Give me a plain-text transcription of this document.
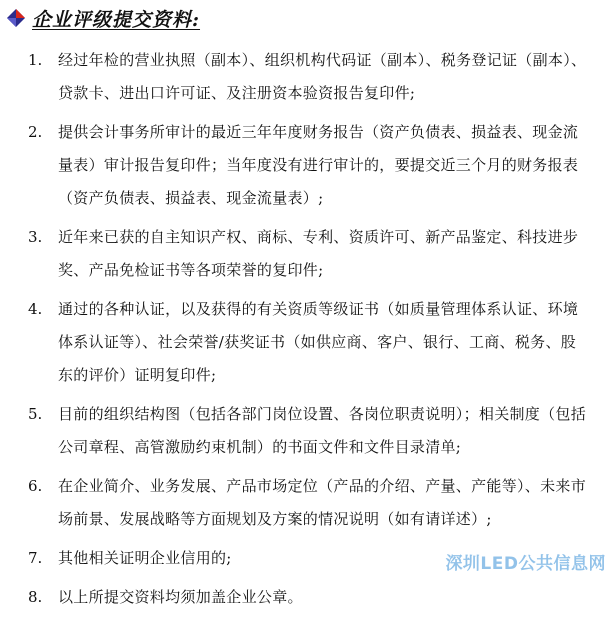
企业评级提交资料:
1.	经过年检的营业执照（副本）、组织机构代码证（副本）、税务登记证（副本）、
贷款卡、进出口许可证、及注册资本验资报告复印件;
2.	提供会计事务所审计的最近三年年度财务报告（资产负债表、损益表、现金流
量表）审计报告复印件；当年度没有进行审计的，要提交近三个月的财务报表
（资产负债表、损益表、现金流量表）;
3.	近年来已获的自主知识产权、商标、专利、资质许可、新产品鉴定、科技进步
奖、产品免检证书等各项荣誉的复印件;
4.	通过的各种认证，以及获得的有关资质等级证书（如质量管理体系认证、环境
体系认证等）、社会荣誉/获奖证书（如供应商、客户、银行、工商、税务、股
东的评价）证明复印件;
5.	目前的组织结构图（包括各部门岗位设置、各岗位职责说明）；相关制度（包括
公司章程、高管激励约束机制）的书面文件和文件目录清单;
6.	在企业简介、业务发展、产品市场定位（产品的介绍、产量、产能等）、未来市
场前景、发展战略等方面规划及方案的情况说明（如有请详述）;
7.	其他相关证明企业信用的;
8.	以上所提交资料均须加盖企业公章。
深圳LED公共信息网
